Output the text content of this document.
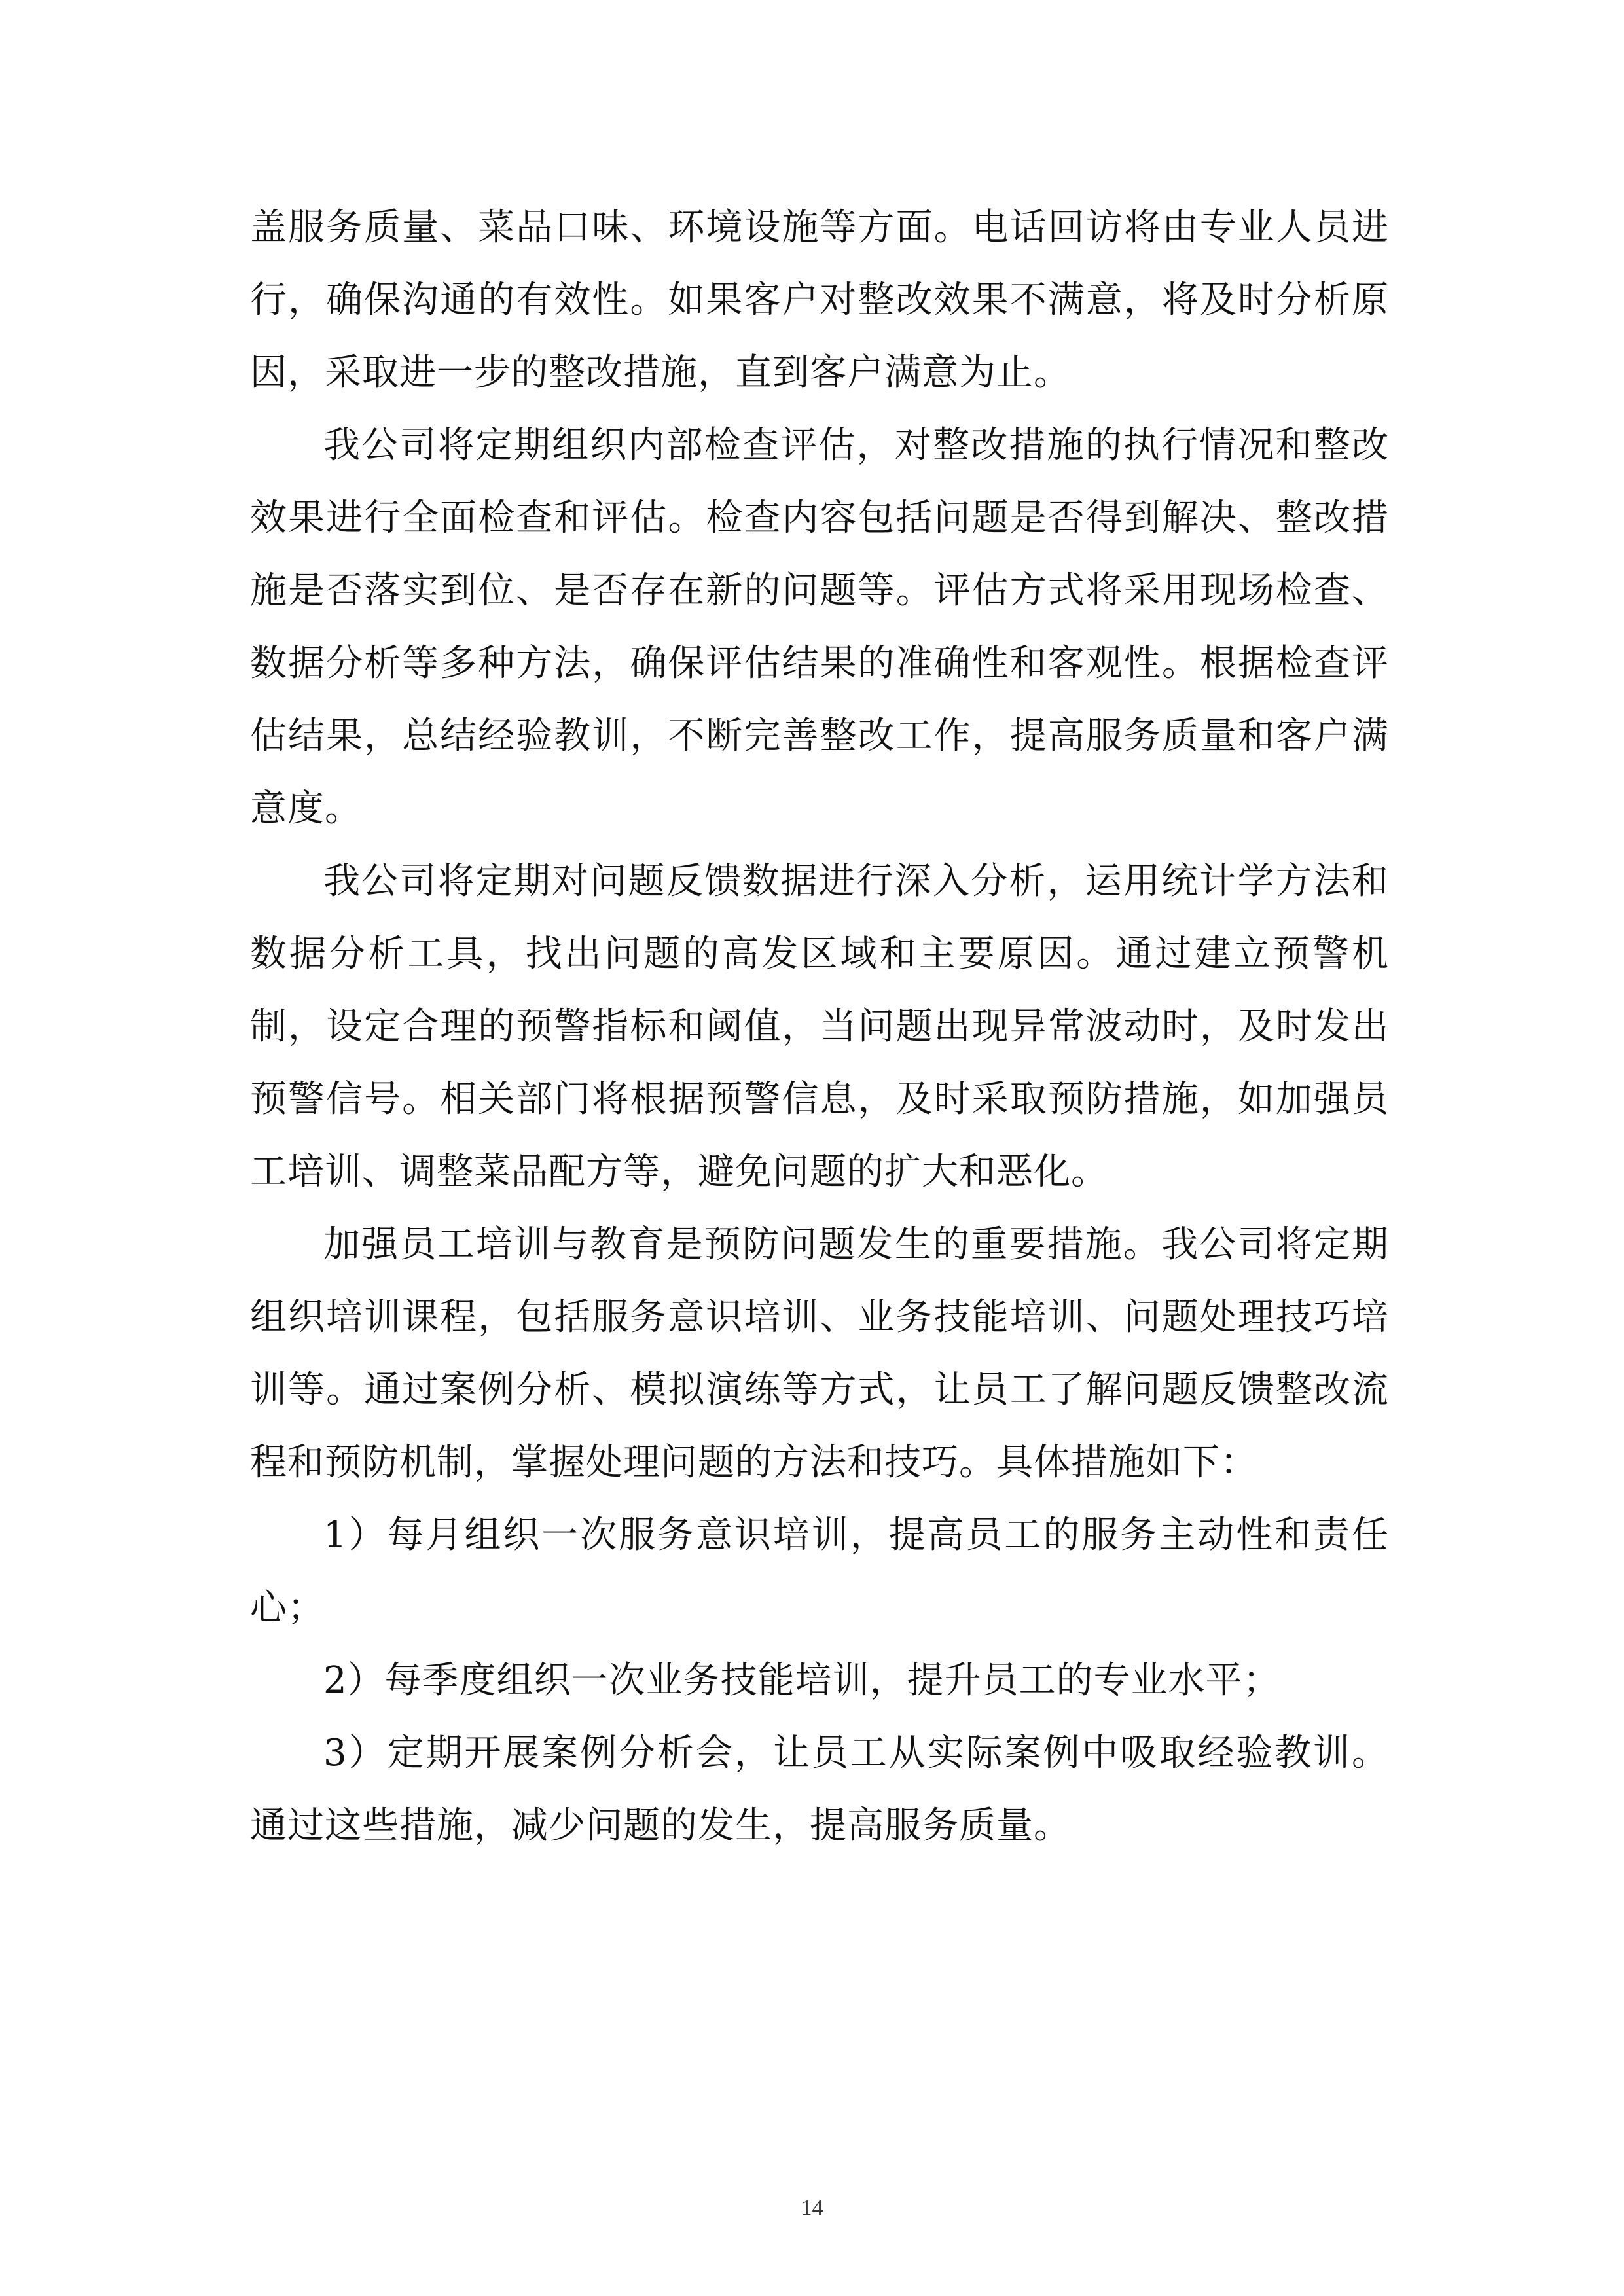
盖服务质量、菜品口味、环境设施等方面。电话回访将由专业人员进行，确保沟通的有效性。如果客户对整改效果不满意，将及时分析原因，采取进一步的整改措施，直到客户满意为止。

我公司将定期组织内部检查评估，对整改措施的执行情况和整改效果进行全面检查和评估。检查内容包括问题是否得到解决、整改措施是否落实到位、是否存在新的问题等。评估方式将采用现场检查、数据分析等多种方法，确保评估结果的准确性和客观性。根据检查评估结果，总结经验教训，不断完善整改工作，提高服务质量和客户满意度。

我公司将定期对问题反馈数据进行深入分析，运用统计学方法和数据分析工具，找出问题的高发区域和主要原因。通过建立预警机制，设定合理的预警指标和阈值，当问题出现异常波动时，及时发出预警信号。相关部门将根据预警信息，及时采取预防措施，如加强员工培训、调整菜品配方等，避免问题的扩大和恶化。

加强员工培训与教育是预防问题发生的重要措施。我公司将定期组织培训课程，包括服务意识培训、业务技能培训、问题处理技巧培训等。通过案例分析、模拟演练等方式，让员工了解问题反馈整改流程和预防机制，掌握处理问题的方法和技巧。具体措施如下：

1）每月组织一次服务意识培训，提高员工的服务主动性和责任心；

2）每季度组织一次业务技能培训，提升员工的专业水平；

3）定期开展案例分析会，让员工从实际案例中吸取经验教训。通过这些措施，减少问题的发生，提高服务质量。

14
